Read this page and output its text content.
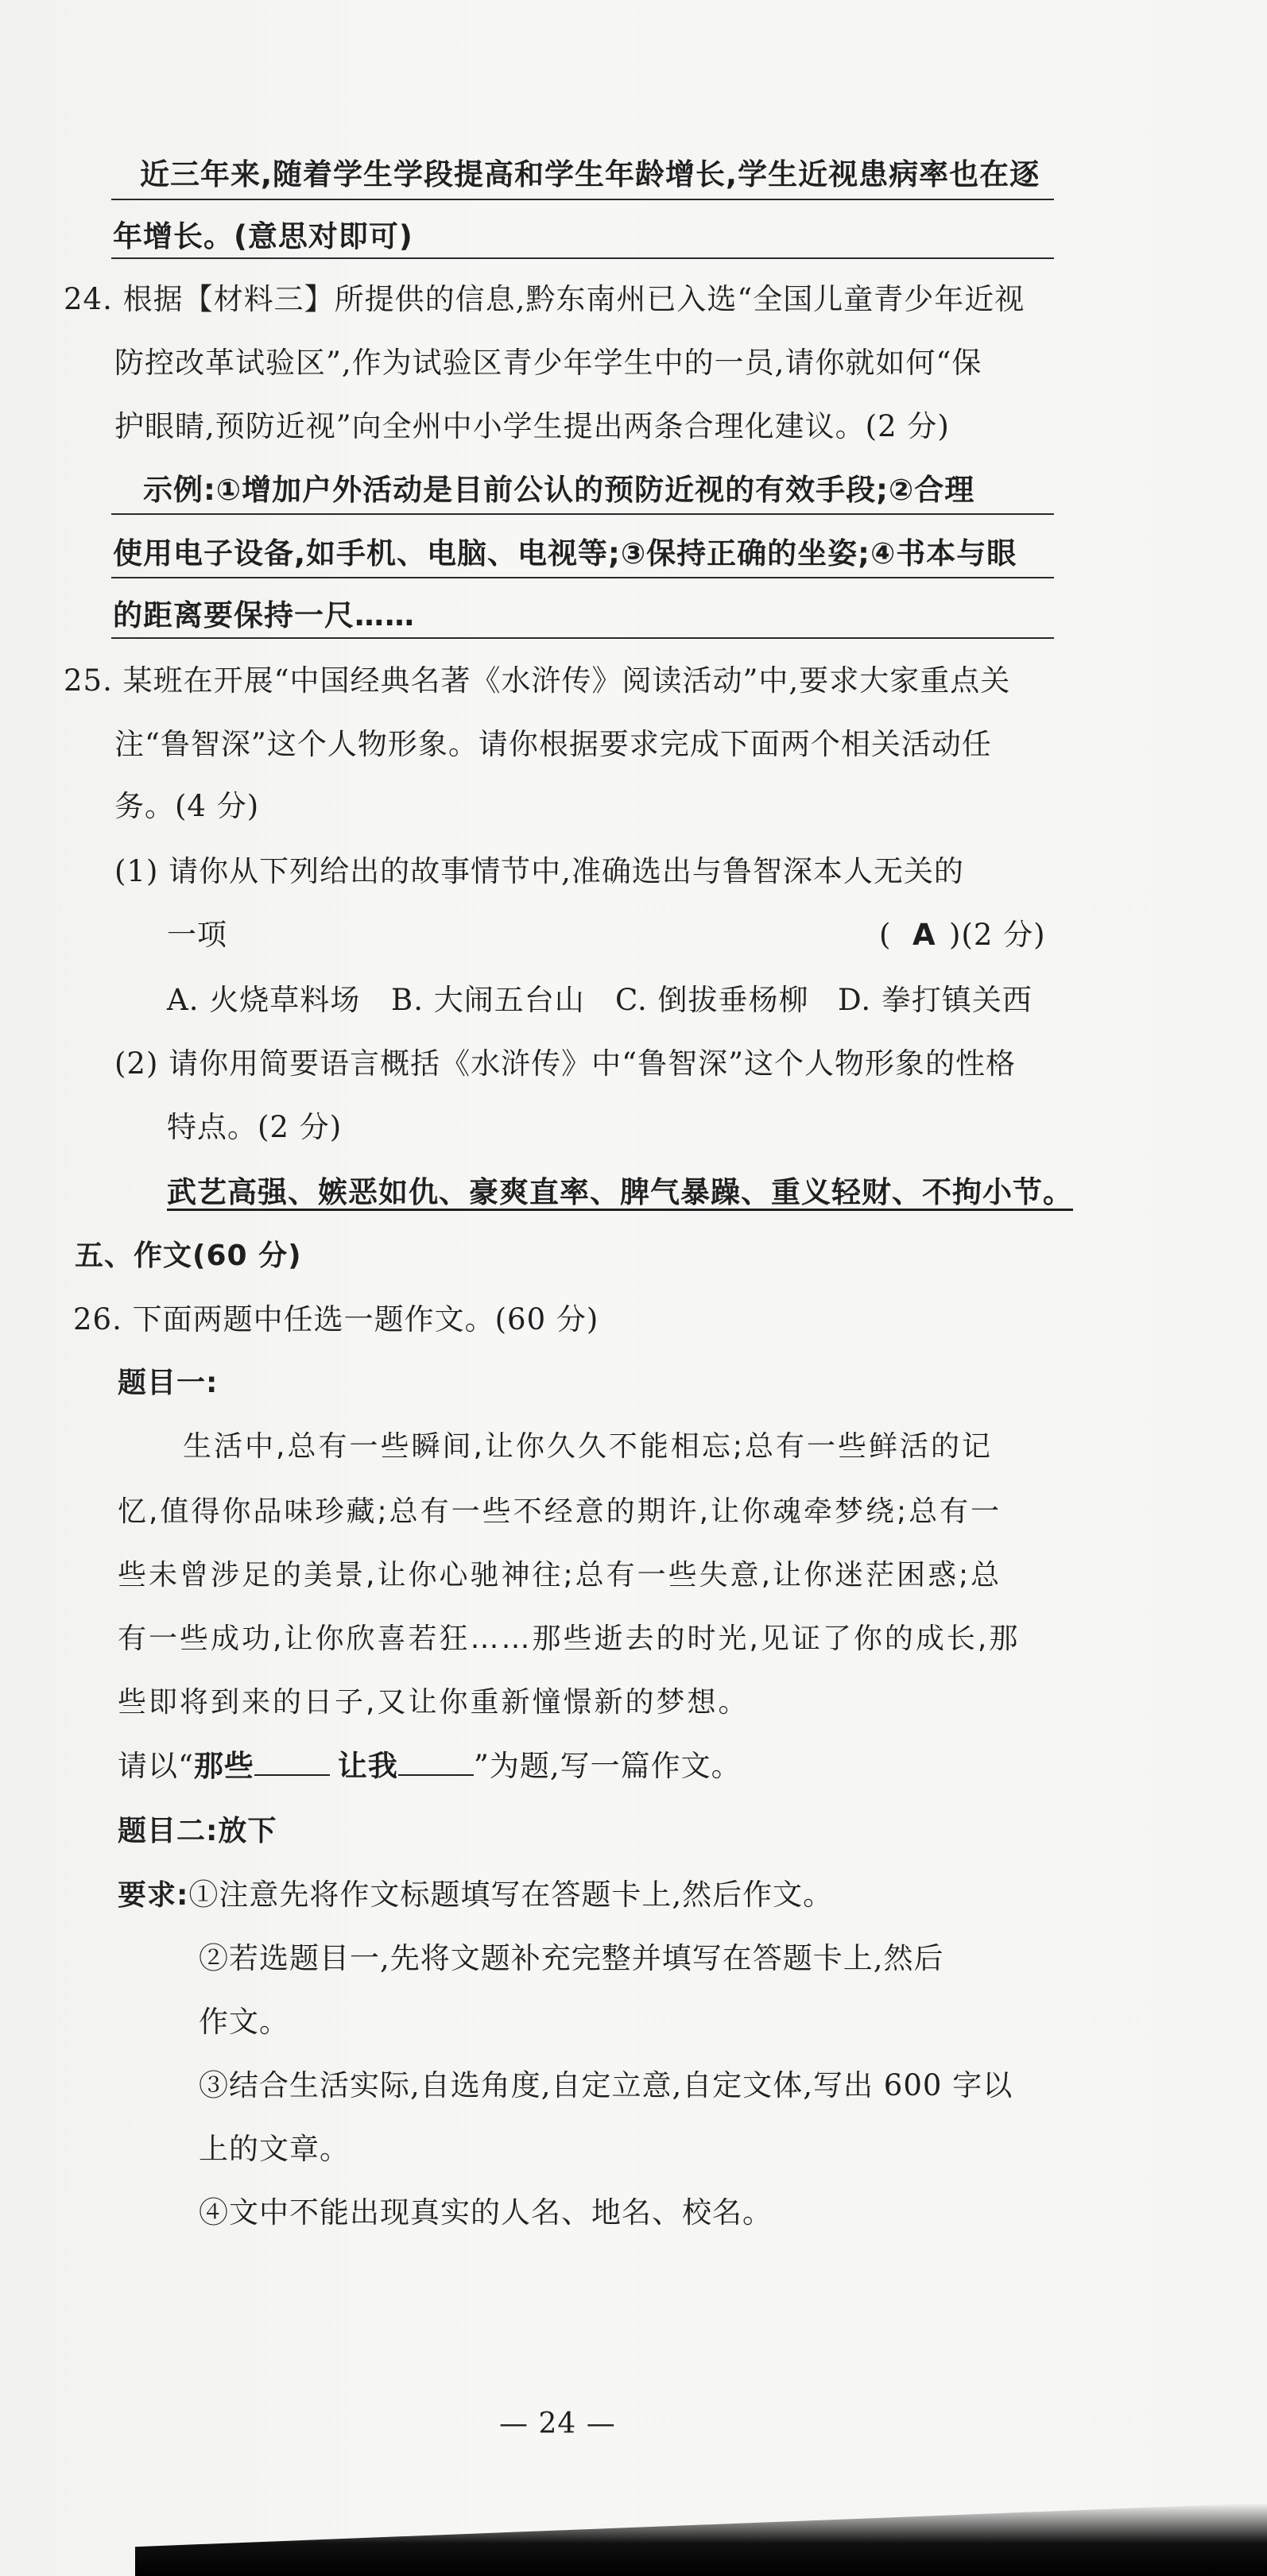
近三年来,随着学生学段提高和学生年龄增长,学生近视患病率也在逐
年增长。(意思对即可)
24. 根据【材料三】所提供的信息,黔东南州已入选“全国儿童青少年近视
防控改革试验区”,作为试验区青少年学生中的一员,请你就如何“保
护眼睛,预防近视”向全州中小学生提出两条合理化建议。(2 分)
示例:①增加户外活动是目前公认的预防近视的有效手段;②合理
使用电子设备,如手机、电脑、电视等;③保持正确的坐姿;④书本与眼
的距离要保持一尺……
25. 某班在开展“中国经典名著《水浒传》阅读活动”中,要求大家重点关
注“鲁智深”这个人物形象。请你根据要求完成下面两个相关活动任
务。(4 分)
(1) 请你从下列给出的故事情节中,准确选出与鲁智深本人无关的
一项	( A )(2 分)
A. 火烧草料场 B. 大闹五台山 C. 倒拔垂杨柳 D. 拳打镇关西
(2) 请你用简要语言概括《水浒传》中“鲁智深”这个人物形象的性格
特点。(2 分)
武艺高强、嫉恶如仇、豪爽直率、脾气暴躁、重义轻财、不拘小节。
五、作文(60 分)
26. 下面两题中任选一题作文。(60 分)
题目一:
生活中,总有一些瞬间,让你久久不能相忘;总有一些鲜活的记
忆,值得你品味珍藏;总有一些不经意的期许,让你魂牵梦绕;总有一
些未曾涉足的美景,让你心驰神往;总有一些失意,让你迷茫困惑;总
有一些成功,让你欣喜若狂……那些逝去的时光,见证了你的成长,那
些即将到来的日子,又让你重新憧憬新的梦想。
请以“那些	让我	”为题,写一篇作文。
题目二:放下
要求:①注意先将作文标题填写在答题卡上,然后作文。
②若选题目一,先将文题补充完整并填写在答题卡上,然后
作文。
③结合生活实际,自选角度,自定立意,自定文体,写出 600 字以
上的文章。
④文中不能出现真实的人名、地名、校名。
— 24 —
